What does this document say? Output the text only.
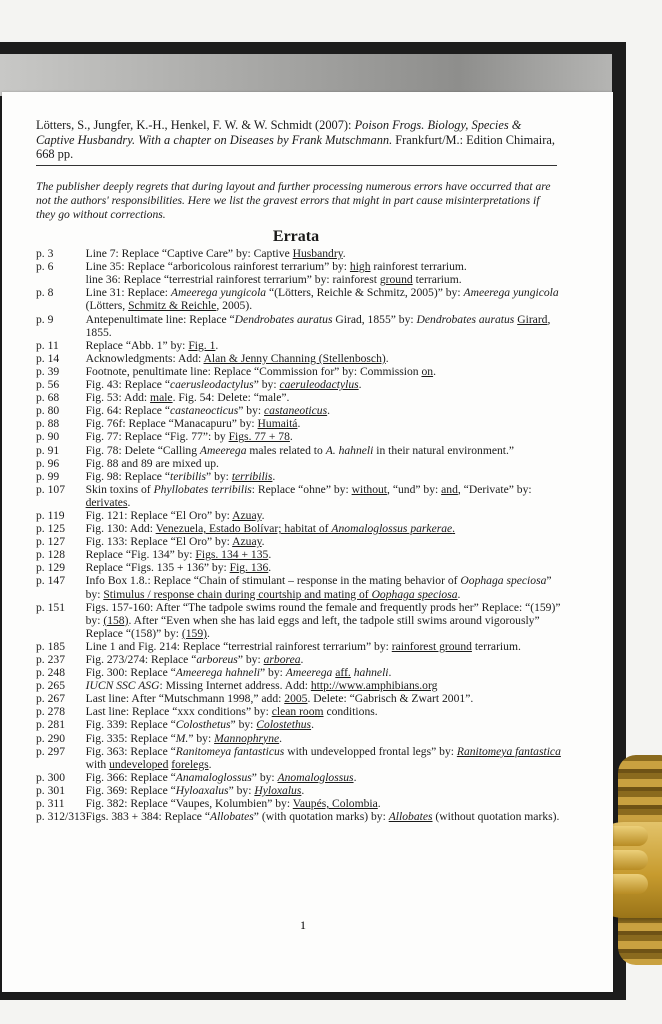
Lötters, S., Jungfer, K.-H., Henkel, F. W. & W. Schmidt (2007): Poison Frogs. Biology, Species & Captive Husbandry. With a chapter on Diseases by Frank Mutschmann. Frankfurt/M.: Edition Chimaira, 668 pp.

The publisher deeply regrets that during layout and further processing numerous errors have occurred that are not the authors' responsibilities. Here we list the gravest errors that might in part cause misinterpretations if they go without corrections.

Errata
p. 3	Line 7: Replace “Captive Care” by: Captive Husbandry.
p. 6	Line 35: Replace “arboricolous rainforest terrarium” by: high rainforest terrarium.
	line 36: Replace “terrestrial rainforest terrarium” by: rainforest ground terrarium.
p. 8	Line 31: Replace: Ameerega yungicola “(Lötters, Reichle & Schmitz, 2005)” by: Ameerega yungicola (Lötters, Schmitz & Reichle, 2005).
p. 9	Antepenultimate line: Replace “Dendrobates auratus Girad, 1855” by: Dendrobates auratus Girard, 1855.
p. 11	Replace “Abb. 1” by: Fig. 1.
p. 14	Acknowledgments: Add: Alan & Jenny Channing (Stellenbosch).
p. 39	Footnote, penultimate line: Replace “Commission for” by: Commission on.
p. 56	Fig. 43: Replace “caerusleodactylus” by: caeruleodactylus.
p. 68	Fig. 53: Add: male. Fig. 54: Delete: “male”.
p. 80	Fig. 64: Replace “castaneocticus” by: castaneoticus.
p. 88	Fig. 76f: Replace “Manacapuru” by: Humaitá.
p. 90	Fig. 77: Replace “Fig. 77”: by Figs. 77 + 78.
p. 91	Fig. 78: Delete “Calling Ameerega males related to A. hahneli in their natural environment.”
p. 96	Fig. 88 and 89 are mixed up.
p. 99	Fig. 98: Replace “teribilis” by: terribilis.
p. 107	Skin toxins of Phyllobates terribilis: Replace “ohne” by: without, “und” by: and, “Derivate” by: derivates.
p. 119	Fig. 121: Replace “El Oro” by: Azuay.
p. 125	Fig. 130: Add: Venezuela, Estado Bolívar; habitat of Anomaloglossus parkerae.
p. 127	Fig. 133: Replace “El Oro” by: Azuay.
p. 128	Replace “Fig. 134” by: Figs. 134 + 135.
p. 129	Replace “Figs. 135 + 136” by: Fig. 136.
p. 147	Info Box 1.8.: Replace “Chain of stimulant – response in the mating behavior of Oophaga speciosa” by: Stimulus / response chain during courtship and mating of Oophaga speciosa.
p. 151	Figs. 157-160: After “The tadpole swims round the female and frequently prods her” Replace: “(159)” by: (158). After “Even when she has laid eggs and left, the tadpole still swims around vigorously” Replace “(158)” by: (159).
p. 185	Line 1 and Fig. 214: Replace “terrestrial rainforest terrarium” by: rainforest ground terrarium.
p. 237	Fig. 273/274: Replace “arboreus” by: arborea.
p. 248	Fig. 300: Replace “Ameerega hahneli” by: Ameerega aff. hahneli.
p. 265	IUCN SSC ASG: Missing Internet address. Add: http://www.amphibians.org
p. 267	Last line: After “Mutschmann 1998,” add: 2005. Delete: “Gabrisch & Zwart 2001”.
p. 278	Last line: Replace “xxx conditions” by: clean room conditions.
p. 281	Fig. 339: Replace “Colosthetus” by: Colostethus.
p. 290	Fig. 335: Replace “M.” by: Mannophryne.
p. 297	Fig. 363: Replace “Ranitomeya fantasticus with undevelopped frontal legs” by: Ranitomeya fantastica with undeveloped forelegs.
p. 300	Fig. 366: Replace “Anamaloglossus” by: Anomaloglossus.
p. 301	Fig. 369: Replace “Hyloaxalus” by: Hyloxalus.
p. 311	Fig. 382: Replace “Vaupes, Kolumbien” by: Vaupés, Colombia.
p. 312/313	Figs. 383 + 384: Replace “Allobates” (with quotation marks) by: Allobates (without quotation marks).
1
